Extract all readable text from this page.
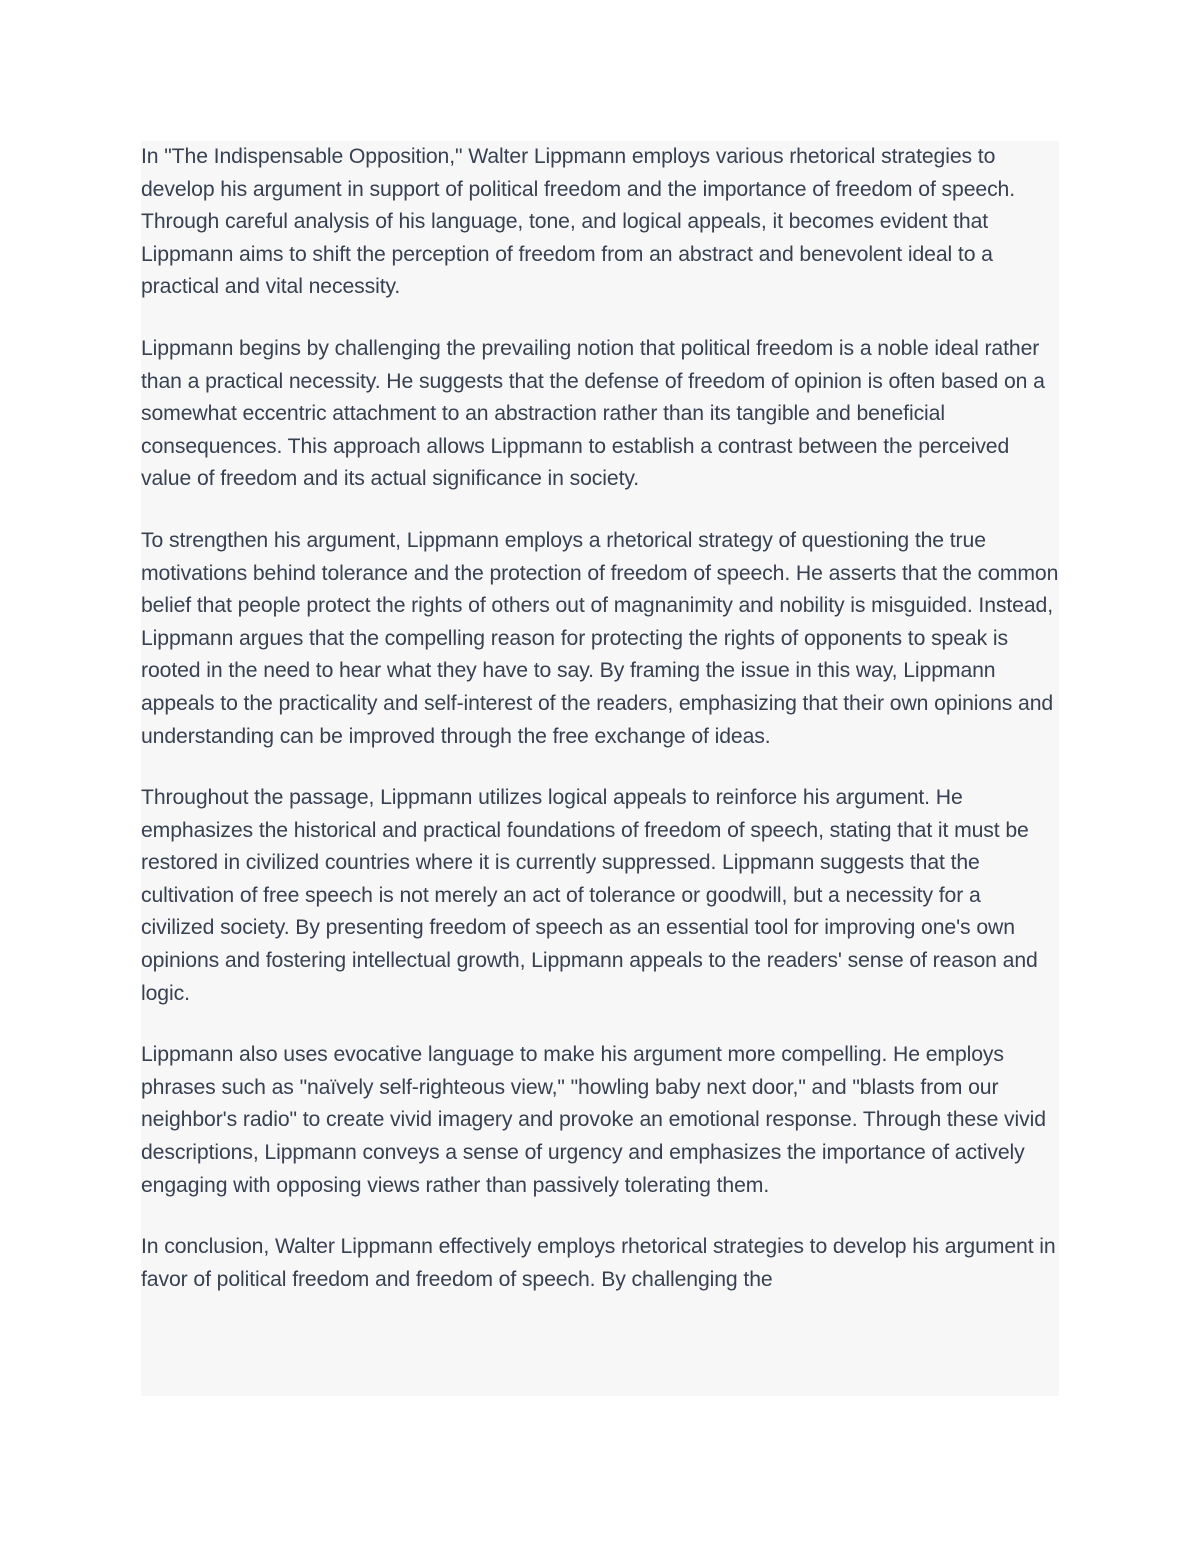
In "The Indispensable Opposition," Walter Lippmann employs various rhetorical strategies to develop his argument in support of political freedom and the importance of freedom of speech. Through careful analysis of his language, tone, and logical appeals, it becomes evident that Lippmann aims to shift the perception of freedom from an abstract and benevolent ideal to a practical and vital necessity.

Lippmann begins by challenging the prevailing notion that political freedom is a noble ideal rather than a practical necessity. He suggests that the defense of freedom of opinion is often based on a somewhat eccentric attachment to an abstraction rather than its tangible and beneficial consequences. This approach allows Lippmann to establish a contrast between the perceived value of freedom and its actual significance in society.

To strengthen his argument, Lippmann employs a rhetorical strategy of questioning the true motivations behind tolerance and the protection of freedom of speech. He asserts that the common belief that people protect the rights of others out of magnanimity and nobility is misguided. Instead, Lippmann argues that the compelling reason for protecting the rights of opponents to speak is rooted in the need to hear what they have to say. By framing the issue in this way, Lippmann appeals to the practicality and self-interest of the readers, emphasizing that their own opinions and understanding can be improved through the free exchange of ideas.

Throughout the passage, Lippmann utilizes logical appeals to reinforce his argument. He emphasizes the historical and practical foundations of freedom of speech, stating that it must be restored in civilized countries where it is currently suppressed. Lippmann suggests that the cultivation of free speech is not merely an act of tolerance or goodwill, but a necessity for a civilized society. By presenting freedom of speech as an essential tool for improving one's own opinions and fostering intellectual growth, Lippmann appeals to the readers' sense of reason and logic.

Lippmann also uses evocative language to make his argument more compelling. He employs phrases such as "naïvely self-righteous view," "howling baby next door," and "blasts from our neighbor's radio" to create vivid imagery and provoke an emotional response. Through these vivid descriptions, Lippmann conveys a sense of urgency and emphasizes the importance of actively engaging with opposing views rather than passively tolerating them.

In conclusion, Walter Lippmann effectively employs rhetorical strategies to develop his argument in favor of political freedom and freedom of speech. By challenging the
